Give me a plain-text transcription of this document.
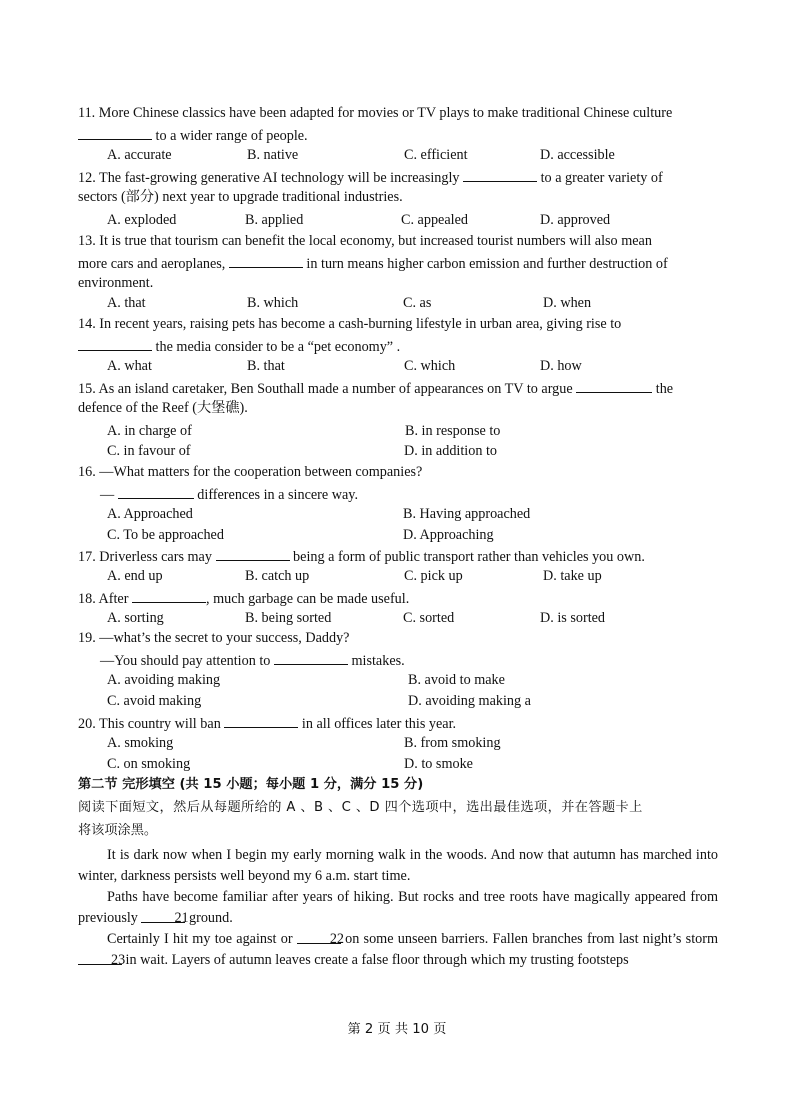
11. More Chinese classics have been adapted for movies or TV plays to make traditional Chinese culture
to a wider range of people.
A. accurate	B. native	C. efficient	D. accessible
12. The fast-growing generative AI technology will be increasingly	to a greater variety of
sectors (部分) next year to upgrade traditional industries.
A. exploded	B. applied	C. appealed	D. approved
13. It is true that tourism can benefit the local economy, but increased tourist numbers will also mean
more cars and aeroplanes,	in turn means higher carbon emission and further destruction of
environment.
A. that	B. which	C. as	D. when
14. In recent years, raising pets has become a cash-burning lifestyle in urban area, giving rise to
the media consider to be a “pet economy” .
A. what	B. that	C. which	D. how
15. As an island caretaker, Ben Southall made a number of appearances on TV to argue	the
defence of the Reef (大堡礁).
A. in charge of	B. in response to
C. in favour of	D. in addition to
16. —What matters for the cooperation between companies?
—	differences in a sincere way.
A. Approached	B. Having approached
C. To be approached	D. Approaching
17. Driverless cars may	being a form of public transport rather than vehicles you own.
A. end up	B. catch up	C. pick up	D. take up
18. After	, much garbage can be made useful.
A. sorting	B. being sorted	C. sorted	D. is sorted
19. —what’s the secret to your success, Daddy?
—You should pay attention to	mistakes.
A. avoiding making	B. avoid to make
C. avoid making	D. avoiding making a
20. This country will ban	in all offices later this year.
A. smoking	B. from smoking
C. on smoking	D. to smoke
第二节 完形填空 (共 15 小题；每小题 1 分，满分 15 分)
阅读下面短文，然后从每题所给的 A 、B 、C 、D 四个选项中，选出最佳选项，并在答题卡上
将该项涂黑。
It is dark now when I begin my early morning walk in the woods. And now that autumn has marched into winter, darkness persists well beyond my 6 a.m. start time.
Paths have become familiar after years of hiking. But rocks and tree roots have magically appeared from previously	21 ground.
Certainly I hit my toe against or	22 on some unseen barriers. Fallen branches from last night’s storm 23 in wait. Layers of autumn leaves create a false floor through which my trusting footsteps
第 2 页 共 10 页
